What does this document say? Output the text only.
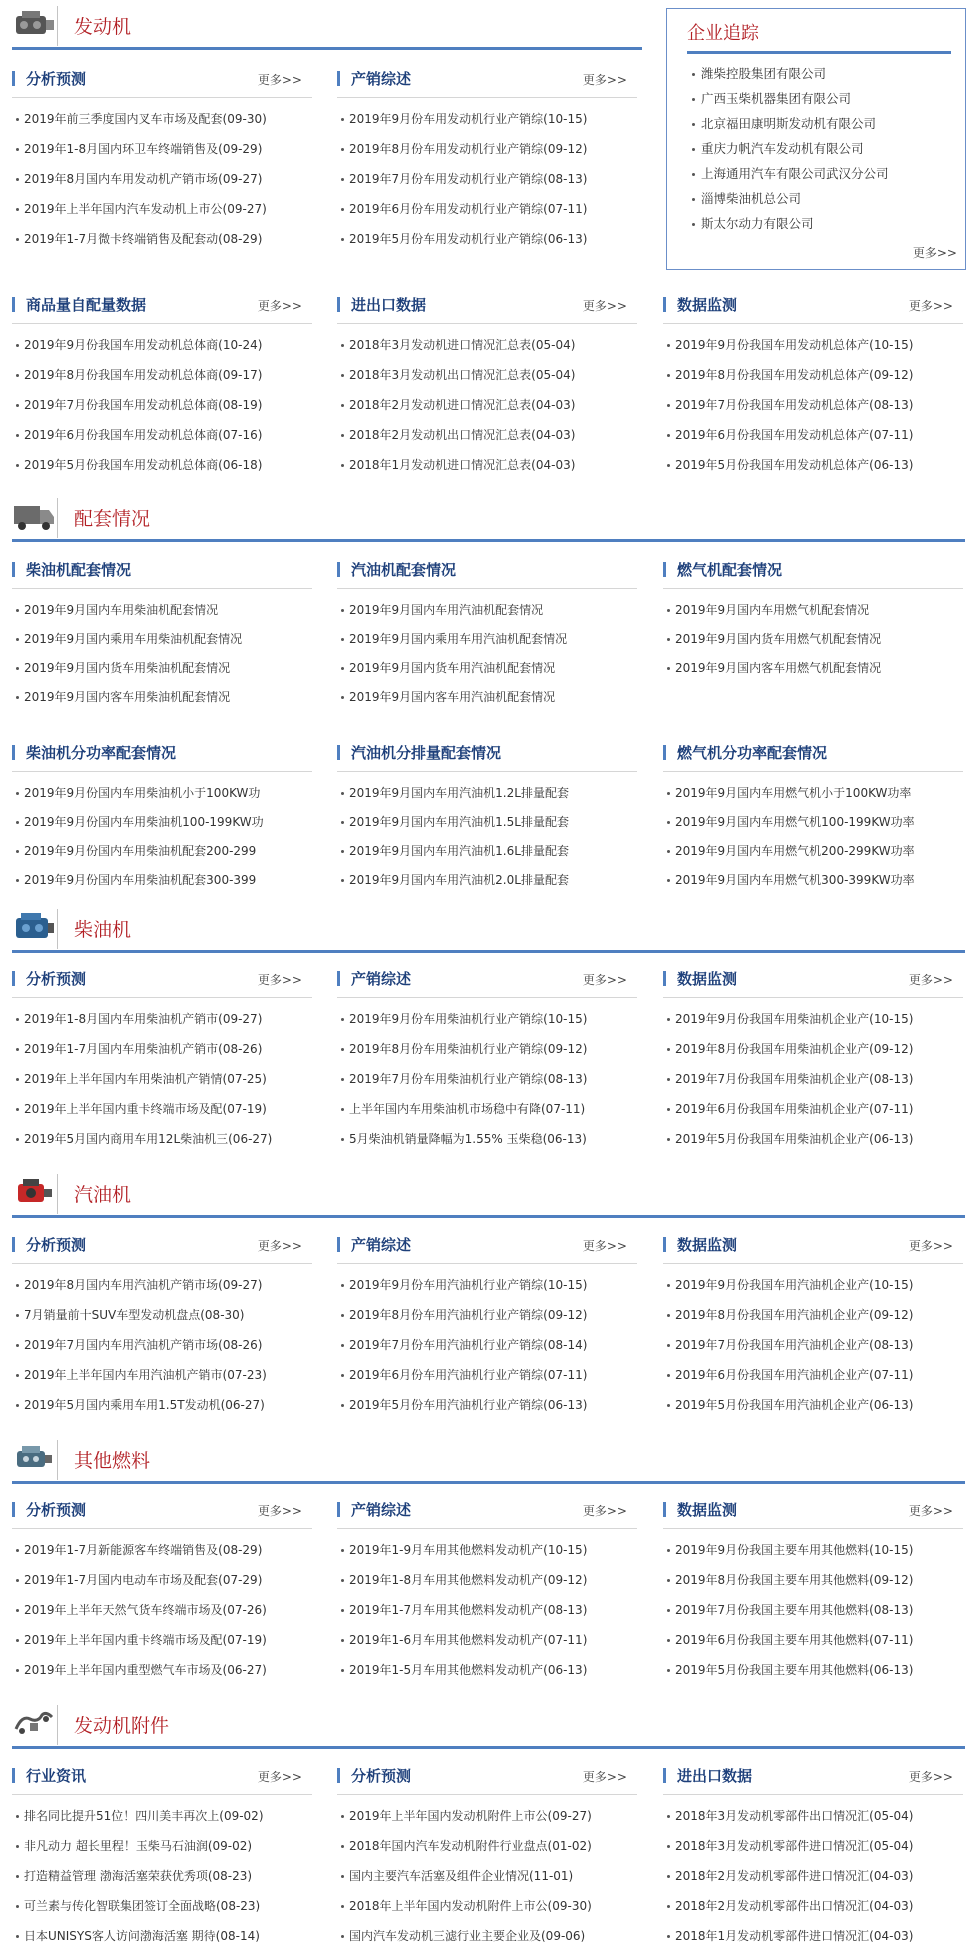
发动机
分析预测	更多>>
2019年前三季度国内叉车市场及配套(09-30)
2019年1-8月国内环卫车终端销售及(09-29)
2019年8月国内车用发动机产销市场(09-27)
2019年上半年国内汽车发动机上市公(09-27)
2019年1-7月微卡终端销售及配套动(08-29)
产销综述	更多>>
2019年9月份车用发动机行业产销综(10-15)
2019年8月份车用发动机行业产销综(09-12)
2019年7月份车用发动机行业产销综(08-13)
2019年6月份车用发动机行业产销综(07-11)
2019年5月份车用发动机行业产销综(06-13)
企业追踪
潍柴控股集团有限公司
广西玉柴机器集团有限公司
北京福田康明斯发动机有限公司
重庆力帆汽车发动机有限公司
上海通用汽车有限公司武汉分公司
淄博柴油机总公司
斯太尔动力有限公司
更多>>
商品量自配量数据	更多>>
2019年9月份我国车用发动机总体商(10-24)
2019年8月份我国车用发动机总体商(09-17)
2019年7月份我国车用发动机总体商(08-19)
2019年6月份我国车用发动机总体商(07-16)
2019年5月份我国车用发动机总体商(06-18)
进出口数据	更多>>
2018年3月发动机进口情况汇总表(05-04)
2018年3月发动机出口情况汇总表(05-04)
2018年2月发动机进口情况汇总表(04-03)
2018年2月发动机出口情况汇总表(04-03)
2018年1月发动机进口情况汇总表(04-03)
数据监测	更多>>
2019年9月份我国车用发动机总体产(10-15)
2019年8月份我国车用发动机总体产(09-12)
2019年7月份我国车用发动机总体产(08-13)
2019年6月份我国车用发动机总体产(07-11)
2019年5月份我国车用发动机总体产(06-13)
配套情况
柴油机配套情况
2019年9月国内车用柴油机配套情况
2019年9月国内乘用车用柴油机配套情况
2019年9月国内货车用柴油机配套情况
2019年9月国内客车用柴油机配套情况
汽油机配套情况
2019年9月国内车用汽油机配套情况
2019年9月国内乘用车用汽油机配套情况
2019年9月国内货车用汽油机配套情况
2019年9月国内客车用汽油机配套情况
燃气机配套情况
2019年9月国内车用燃气机配套情况
2019年9月国内货车用燃气机配套情况
2019年9月国内客车用燃气机配套情况
柴油机分功率配套情况
2019年9月份国内车用柴油机小于100KW功
2019年9月份国内车用柴油机100-199KW功
2019年9月份国内车用柴油机配套200-299
2019年9月份国内车用柴油机配套300-399
汽油机分排量配套情况
2019年9月国内车用汽油机1.2L排量配套
2019年9月国内车用汽油机1.5L排量配套
2019年9月国内车用汽油机1.6L排量配套
2019年9月国内车用汽油机2.0L排量配套
燃气机分功率配套情况
2019年9月国内车用燃气机小于100KW功率
2019年9月国内车用燃气机100-199KW功率
2019年9月国内车用燃气机200-299KW功率
2019年9月国内车用燃气机300-399KW功率
柴油机
分析预测	更多>>
2019年1-8月国内车用柴油机产销市(09-27)
2019年1-7月国内车用柴油机产销市(08-26)
2019年上半年国内车用柴油机产销情(07-25)
2019年上半年国内重卡终端市场及配(07-19)
2019年5月国内商用车用12L柴油机三(06-27)
产销综述	更多>>
2019年9月份车用柴油机行业产销综(10-15)
2019年8月份车用柴油机行业产销综(09-12)
2019年7月份车用柴油机行业产销综(08-13)
上半年国内车用柴油机市场稳中有降(07-11)
5月柴油机销量降幅为1.55% 玉柴稳(06-13)
数据监测	更多>>
2019年9月份我国车用柴油机企业产(10-15)
2019年8月份我国车用柴油机企业产(09-12)
2019年7月份我国车用柴油机企业产(08-13)
2019年6月份我国车用柴油机企业产(07-11)
2019年5月份我国车用柴油机企业产(06-13)
汽油机
分析预测	更多>>
2019年8月国内车用汽油机产销市场(09-27)
7月销量前十SUV车型发动机盘点(08-30)
2019年7月国内车用汽油机产销市场(08-26)
2019年上半年国内车用汽油机产销市(07-23)
2019年5月国内乘用车用1.5T发动机(06-27)
产销综述	更多>>
2019年9月份车用汽油机行业产销综(10-15)
2019年8月份车用汽油机行业产销综(09-12)
2019年7月份车用汽油机行业产销综(08-14)
2019年6月份车用汽油机行业产销综(07-11)
2019年5月份车用汽油机行业产销综(06-13)
数据监测	更多>>
2019年9月份我国车用汽油机企业产(10-15)
2019年8月份我国车用汽油机企业产(09-12)
2019年7月份我国车用汽油机企业产(08-13)
2019年6月份我国车用汽油机企业产(07-11)
2019年5月份我国车用汽油机企业产(06-13)
其他燃料
分析预测	更多>>
2019年1-7月新能源客车终端销售及(08-29)
2019年1-7月国内电动车市场及配套(07-29)
2019年上半年天然气货车终端市场及(07-26)
2019年上半年国内重卡终端市场及配(07-19)
2019年上半年国内重型燃气车市场及(06-27)
产销综述	更多>>
2019年1-9月车用其他燃料发动机产(10-15)
2019年1-8月车用其他燃料发动机产(09-12)
2019年1-7月车用其他燃料发动机产(08-13)
2019年1-6月车用其他燃料发动机产(07-11)
2019年1-5月车用其他燃料发动机产(06-13)
数据监测	更多>>
2019年9月份我国主要车用其他燃料(10-15)
2019年8月份我国主要车用其他燃料(09-12)
2019年7月份我国主要车用其他燃料(08-13)
2019年6月份我国主要车用其他燃料(07-11)
2019年5月份我国主要车用其他燃料(06-13)
发动机附件
行业资讯	更多>>
排名同比提升51位！四川美丰再次上(09-02)
非凡动力 超长里程！玉柴马石油润(09-02)
打造精益管理 渤海活塞荣获优秀项(08-23)
可兰素与传化智联集团签订全面战略(08-23)
日本UNISYS客人访问渤海活塞 期待(08-14)
分析预测	更多>>
2019年上半年国内发动机附件上市公(09-27)
2018年国内汽车发动机附件行业盘点(01-02)
国内主要汽车活塞及组件企业情况(11-01)
2018年上半年国内发动机附件上市公(09-30)
国内汽车发动机三滤行业主要企业及(09-06)
进出口数据	更多>>
2018年3月发动机零部件出口情况汇(05-04)
2018年3月发动机零部件进口情况汇(05-04)
2018年2月发动机零部件进口情况汇(04-03)
2018年2月发动机零部件出口情况汇(04-03)
2018年1月发动机零部件进口情况汇(04-03)
